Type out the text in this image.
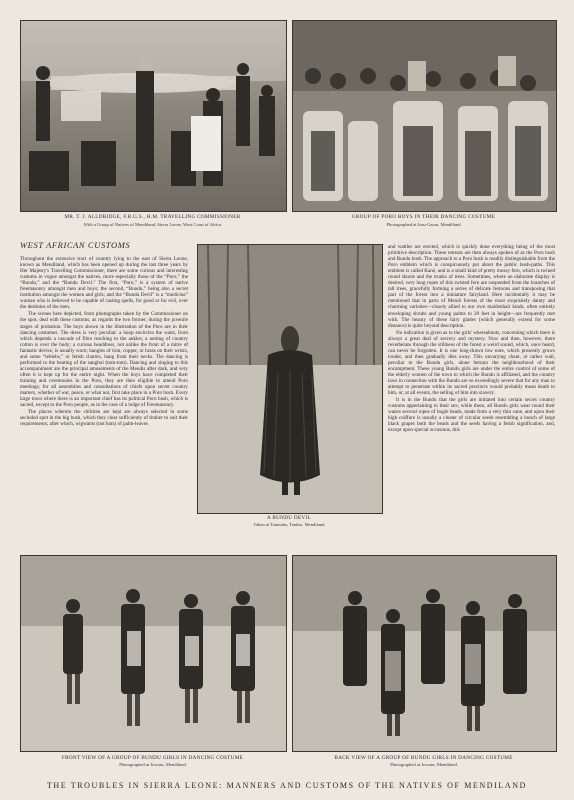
MR. T. J. ALLDRIDGE, F.R.G.S., H.M. TRAVELLING COMMISSIONER
With a Group of Natives of Mendiland, Sierra Leone, West Coast of Africa
GROUP OF PORO BOYS IN THEIR DANCING COSTUME
Photographed at Juru-Gaura, Mendiland
WEST AFRICAN CUSTOMS

Throughout the extensive tract of country lying to the east of Sierra Leone, known as Mendiland, which has been opened up during the last three years by Her Majesty's Travelling Commissioner, there are some curious and interesting customs in vogue amongst the natives, more especially those of the “Poro,” the “Bundu,” and the “Bundu Devil.” The first, “Poro,” is a system of native freemasonry amongst men and boys; the second, “Bundu,” being also a secret institution amongst the women and girls; and the “Bundu Devil” is a “medicine” woman who is believed to be capable of casting spells, for good or for evil, over the destinies of the men.

The scenes here depicted, from photographs taken by the Commissioner on the spot, deal with these customs, as regards the two former, during the juvenile stages of probation. The boys shown in the illustration of the Poro are in their dancing costumes. The dress is very peculiar: a hoop encircles the waist, from which depends a cascade of fibre reaching to the ankles; a netting of country cotton is over the body; a curious headdress, not unlike the front of a mitre of fantastic device, is usually worn; bangles of iron, copper, or brass on their wrists, and some “teblehs,” or fetish charms, hang from their necks. The dancing is performed to the beating of the sangboi (tom-tom). Dancing and singing to this accompaniment are the principal amusements of the Mendis after dark, and very often it is kept up for the entire night. When the boys have completed their training and ceremonies in the Poro, they are then eligible to attend Poro meetings; for all assemblies and consultations of chiefs upon secret country matters, whether of war, peace, or what not, first take place in a Poro bush. Every large town where there is an important chief has its political Poro bush, which is sacred, except to the Poro people, as in the case of a lodge of Freemasonry.

The places wherein the children are kept are always selected in some secluded spot in the big bush, which they clear sufficiently of timber to suit their requirements; after which, wigwams (not huts) of palm-leaves

A BUNDU DEVIL
Taken at Taninaba, Tunkio, Mendiland

and wattles are erected, which is quickly done everything being of the most primitive description. These retreats are then always spoken of as the Poro bush and Bundu bush. The approach to a Poro bush is readily distinguishable from the Poro emblem which is conspicuously put about the public bush-paths. This emblem is called Kané, and is a small kind of pretty mossy fern, which is twined round shoots and the trunks of trees. Sometimes, where an elaborate display is desired, very long ropes of this twisted fern are suspended from the branches of tall trees, gracefully forming a series of delicate festoons and transposing that part of the forest into a miniature fairyland. Here incidentally it may be mentioned that in parts of Mendi forests of the most exquisitely dainty and charming varieties—closely allied to our own maidenhair kinds, often entirely enveloping shrubs and young palms to 20 feet in height—are frequently met with. The beauty of these fairy glades (which generally extend for some distance) is quite beyond description.

No indication is given as to the girls' whereabouts, concerning which there is always a great deal of secrecy and mystery. Now and then, however, there reverberate through the stillness of the forest a weird sound, which, once heard, can never be forgotten. It is one long-drawn low note, which presently grows louder, and then gradually dies away. This unvarying chant, or rather wail, peculiar to the Bundu girls, alone betrays the neighbourhood of their encampment. These young Bundu girls are under the entire control of some of the elderly women of the town to which the Bundu is affiliated, and the country laws in connection with the Bundu are so exceedingly severe that for any man to attempt to penetrate within its sacred precincts would probably mean death to him, or, at all events, the selling of him into slavery.

It is in the Bundu that the girls are initiated into certain secret country customs appertaining to their sex; while there, all Bundu girls wear round their waists several ropes of bugle beads, made from a very thin cane, and upon their high coiffure is usually a cluster of circular seeds resembling a bunch of large black grapes both the beads and the seeds having a fetish signification, and, except upon special occasions, this

FRONT VIEW OF A GROUP OF BUNDU GIRLS IN DANCING COSTUME
Photographed at Jowaru, Mendiland
BACK VIEW OF A GROUP OF BUNDU GIRLS IN DANCING COSTUME
Photographed at Jowaru, Mendiland
THE TROUBLES IN SIERRA LEONE: MANNERS AND CUSTOMS OF THE NATIVES OF MENDILAND
